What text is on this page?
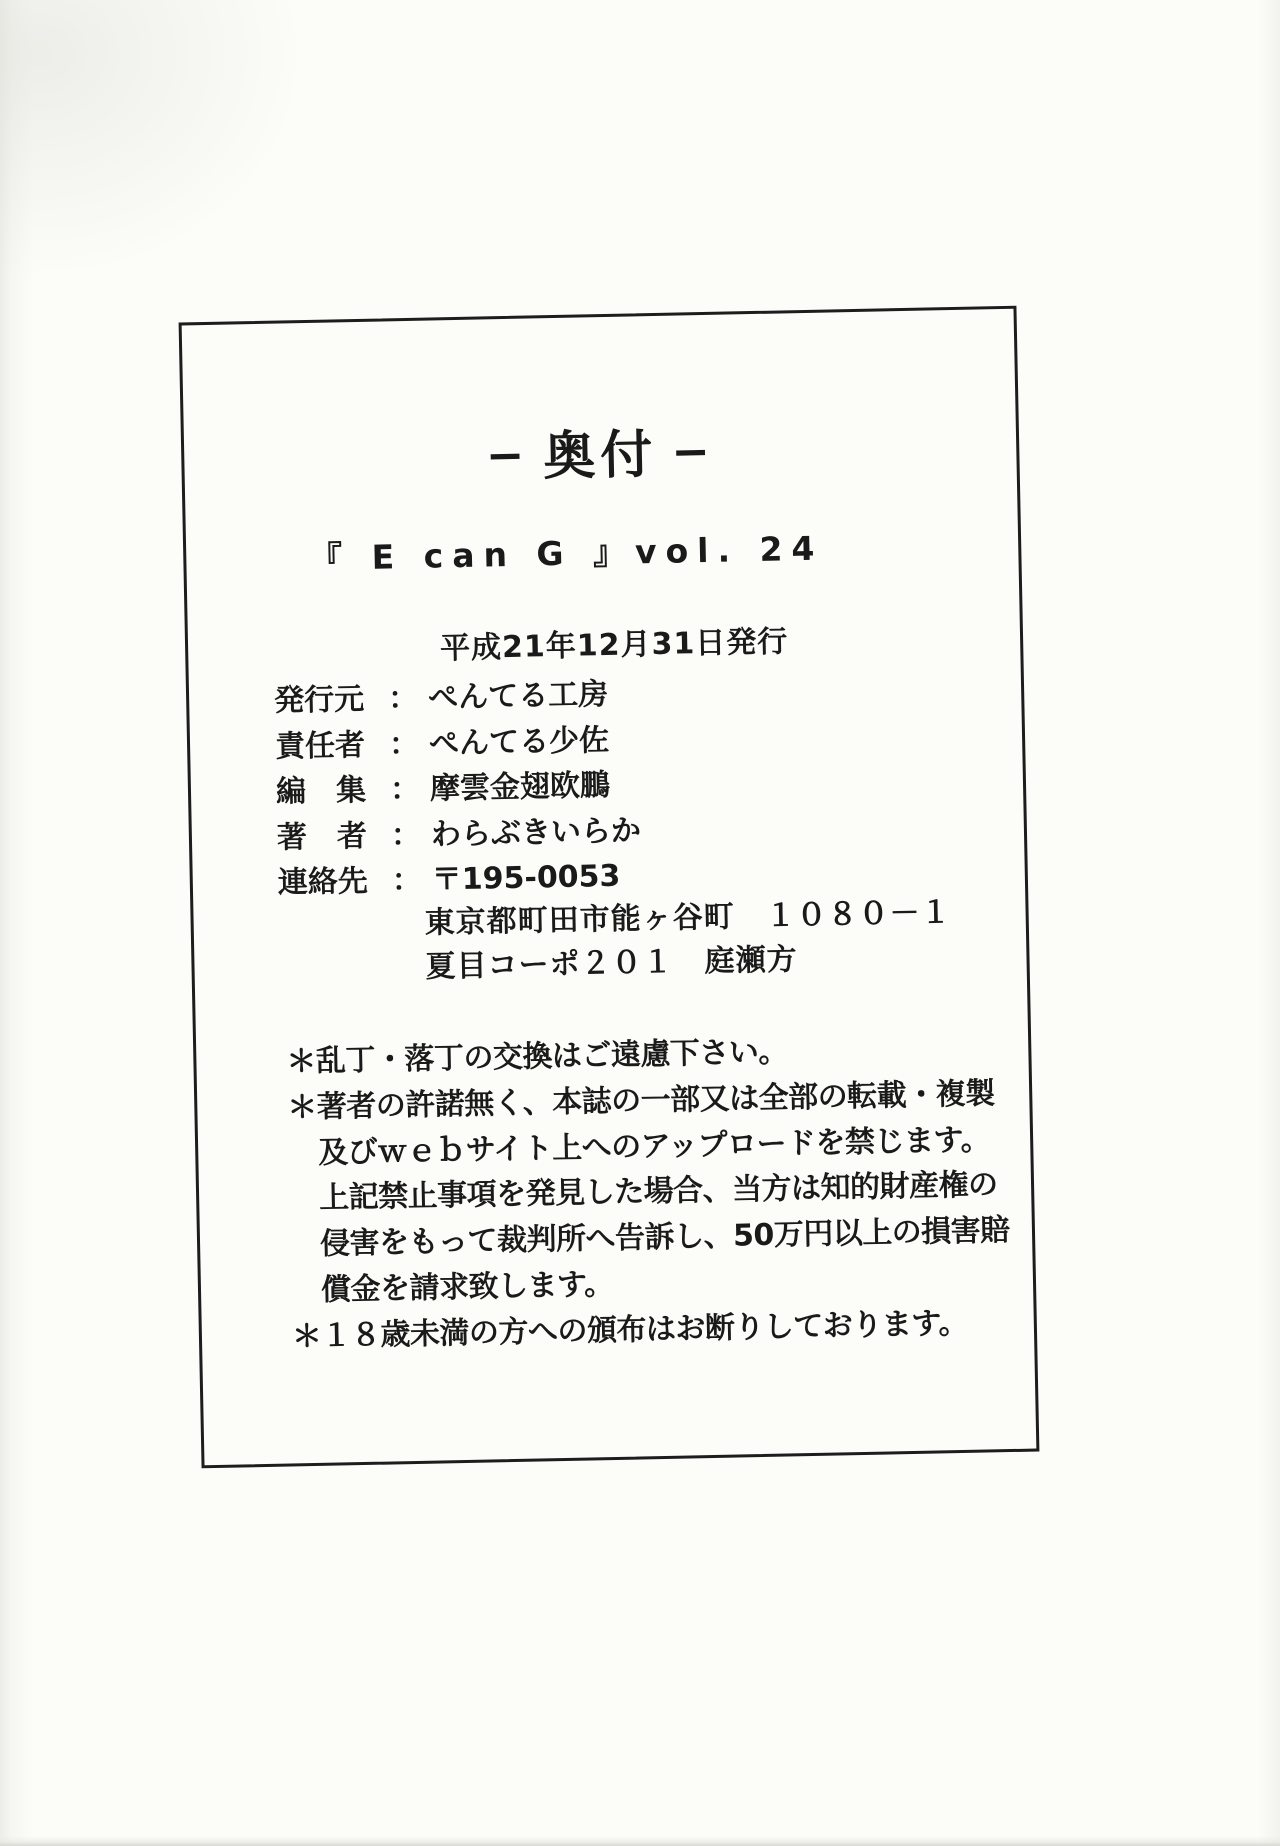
− 奥付 −
『 E can G 』vol. 24
平成21年12月31日発行
発行元 ： ぺんてる工房
責任者 ： ぺんてる少佐
編　集 ： 摩雲金翅欧鵬
著　者 ： わらぶきいらか
連絡先 ： 〒195-0053
東京都町田市能ヶ谷町　１０８０－１
夏目コーポ２０１　庭瀬方
＊乱丁・落丁の交換はご遠慮下さい。
＊著者の許諾無く、本誌の一部又は全部の転載・複製
及びｗｅｂサイト上へのアップロードを禁じます。
上記禁止事項を発見した場合、当方は知的財産権の
侵害をもって裁判所へ告訴し、50万円以上の損害賠
償金を請求致します。
＊１８歳未満の方への頒布はお断りしております。
